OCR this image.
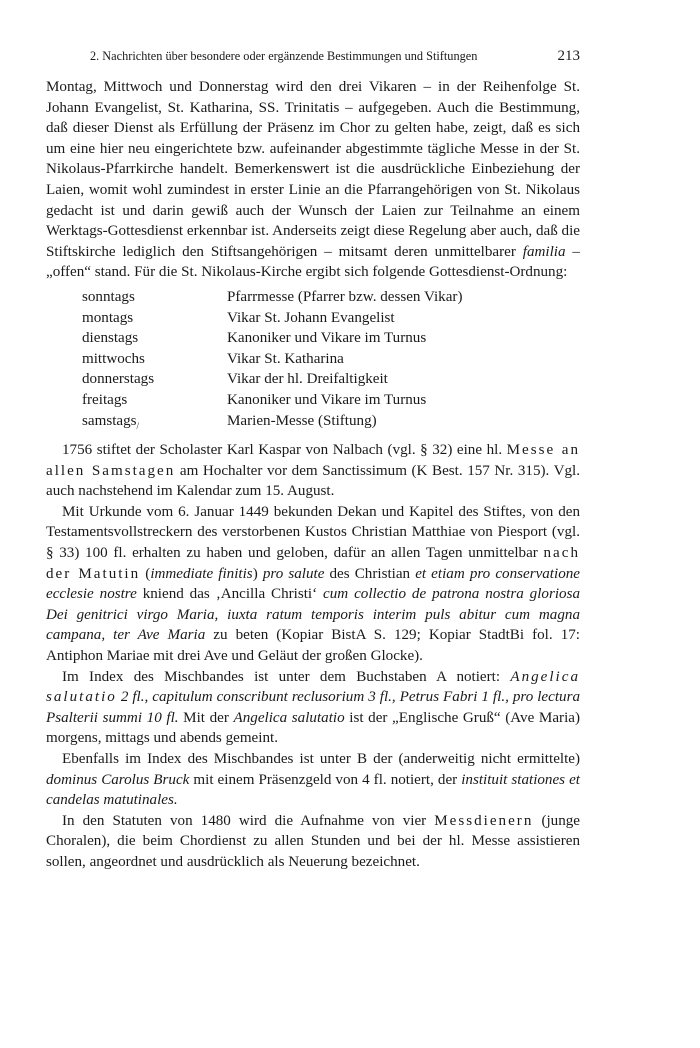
2. Nachrichten über besondere oder ergänzende Bestimmungen und Stiftungen	213

Montag, Mittwoch und Donnerstag wird den drei Vikaren – in der Reihenfolge St. Johann Evangelist, St. Katharina, SS. Trinitatis – aufgegeben. Auch die Bestimmung, daß dieser Dienst als Erfüllung der Präsenz im Chor zu gelten habe, zeigt, daß es sich um eine hier neu eingerichtete bzw. aufeinander abgestimmte tägliche Messe in der St. Nikolaus-Pfarrkirche handelt. Bemerkenswert ist die ausdrückliche Einbeziehung der Laien, womit wohl zumindest in erster Linie an die Pfarrangehörigen von St. Nikolaus gedacht ist und darin gewiß auch der Wunsch der Laien zur Teilnahme an einem Werktags-Gottesdienst erkennbar ist. Anderseits zeigt diese Regelung aber auch, daß die Stiftskirche lediglich den Stiftsangehörigen – mitsamt deren unmittelbarer familia – „offen“ stand. Für die St. Nikolaus-Kirche ergibt sich folgende Gottesdienst-Ordnung:

sonntags	Pfarrmesse (Pfarrer bzw. dessen Vikar)
montags	Vikar St. Johann Evangelist
dienstags	Kanoniker und Vikare im Turnus
mittwochs	Vikar St. Katharina
donnerstags	Vikar der hl. Dreifaltigkeit
freitags	Kanoniker und Vikare im Turnus
samstags$_/$	Marien-Messe (Stiftung)

1756 stiftet der Scholaster Karl Kaspar von Nalbach (vgl. § 32) eine hl. Messe an allen Samstagen am Hochalter vor dem Sanctissimum (K Best. 157 Nr. 315). Vgl. auch nachstehend im Kalendar zum 15. August.

Mit Urkunde vom 6. Januar 1449 bekunden Dekan und Kapitel des Stiftes, von den Testamentsvollstreckern des verstorbenen Kustos Christian Matthiae von Piesport (vgl. § 33) 100 fl. erhalten zu haben und geloben, dafür an allen Tagen unmittelbar nach der Matutin (immediate finitis) pro salute des Christian et etiam pro conservatione ecclesie nostre kniend das ‚Ancilla Christi‘ cum collectio de patrona nostra gloriosa Dei genitrici virgo Maria, iuxta ratum temporis interim puls abitur cum magna campana, ter Ave Maria zu beten (Kopiar BistA S. 129; Kopiar StadtBi fol. 17: Antiphon Mariae mit drei Ave und Geläut der großen Glocke).

Im Index des Mischbandes ist unter dem Buchstaben A notiert: Angelica salutatio 2 fl., capitulum conscribunt reclusorium 3 fl., Petrus Fabri 1 fl., pro lectura Psalterii summi 10 fl. Mit der Angelica salutatio ist der „Englische Gruß“ (Ave Maria) morgens, mittags und abends gemeint.

Ebenfalls im Index des Mischbandes ist unter B der (anderweitig nicht ermittelte) dominus Carolus Bruck mit einem Präsenzgeld von 4 fl. notiert, der instituit stationes et candelas matutinales.

In den Statuten von 1480 wird die Aufnahme von vier Messdienern (junge Choralen), die beim Chordienst zu allen Stunden und bei der hl. Messe assistieren sollen, angeordnet und ausdrücklich als Neuerung bezeichnet.
